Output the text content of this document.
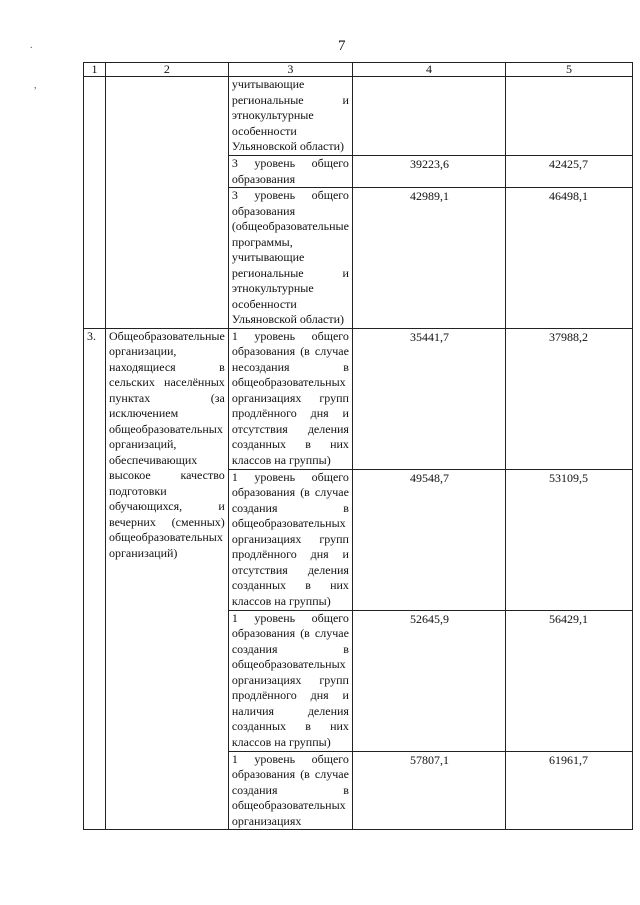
7
.
,
1	2	3	4	5
		учитывающие региональные и этнокультурные особенности Ульяновской области)		
		3 уровень общего образования	39223,6	42425,7
		3 уровень общего образования (общеобразовательные программы, учитывающие региональные и этнокультурные особенности Ульяновской области)	42989,1	46498,1
3.	Общеобразовательные организации, находящиеся в сельских населённых пунктах (за исключением общеобразовательных организаций, обеспечивающих высокое качество подготовки обучающихся, и вечерних (сменных) общеобразовательных организаций)	1 уровень общего образования (в случае несоздания в общеобразовательных организациях групп продлённого дня и отсутствия деления созданных в них классов на группы)	35441,7	37988,2
		1 уровень общего образования (в случае создания в общеобразовательных организациях групп продлённого дня и отсутствия деления созданных в них классов на группы)	49548,7	53109,5
		1 уровень общего образования (в случае создания в общеобразовательных организациях групп продлённого дня и наличия деления созданных в них классов на группы)	52645,9	56429,1
		1 уровень общего образования (в случае создания в общеобразовательных организациях	57807,1	61961,7
